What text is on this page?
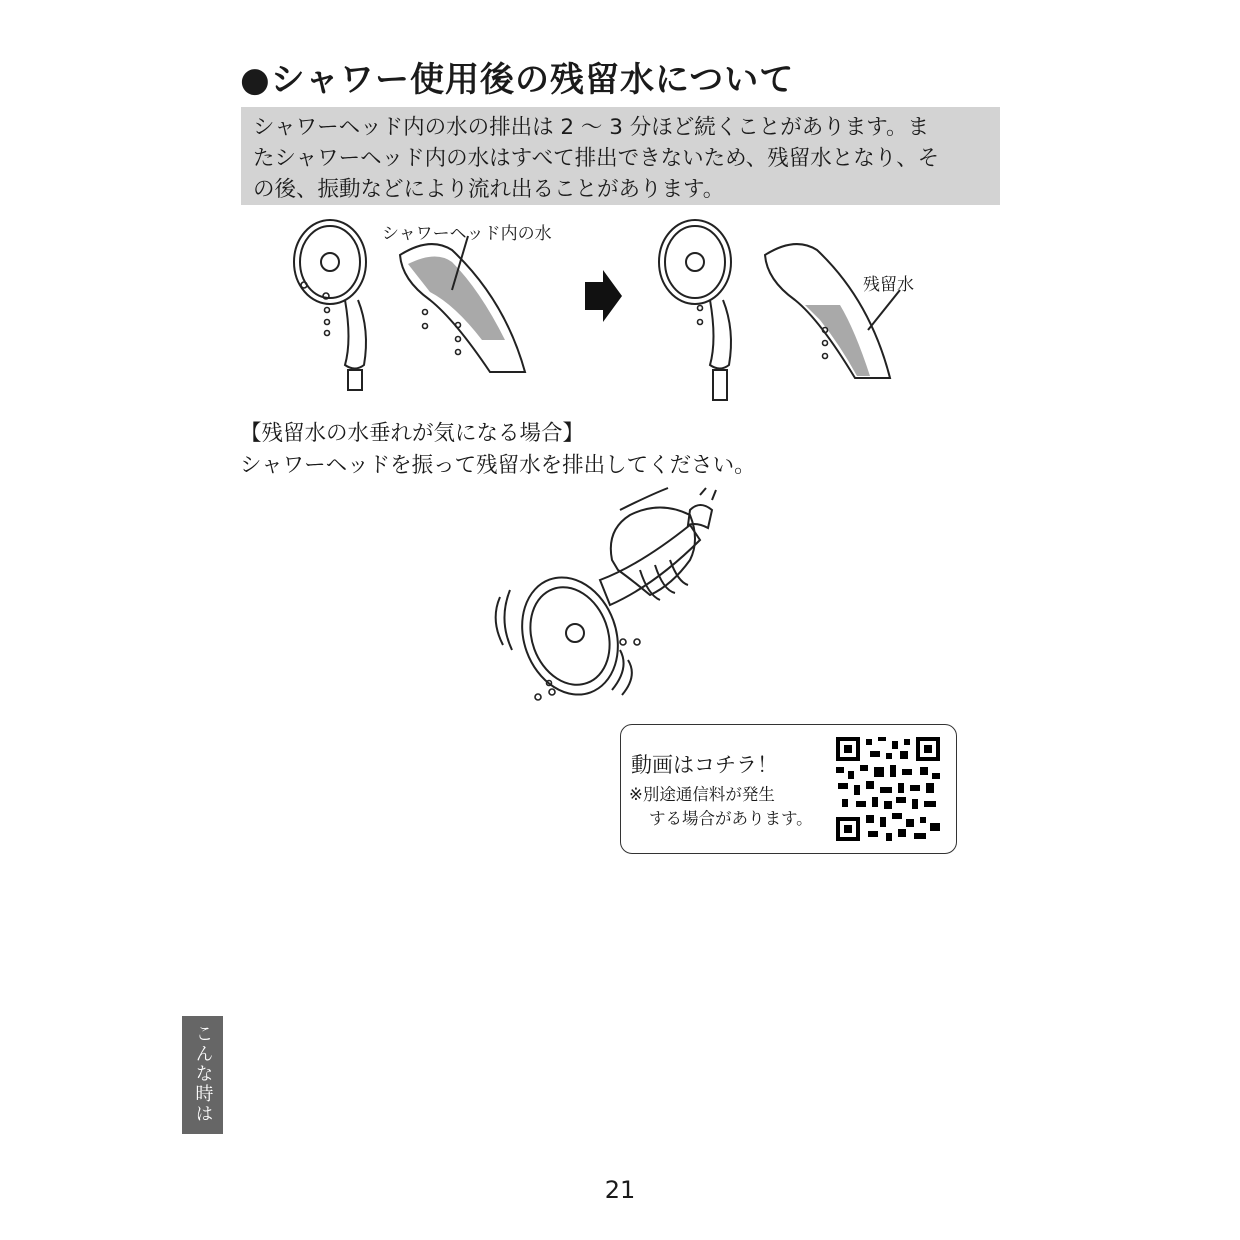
●シャワー使用後の残留水について

シャワーヘッド内の水の排出は 2 〜 3 分ほど続くことがあります。ま
たシャワーヘッド内の水はすべて排出できないため、残留水となり、そ
の後、振動などにより流れ出ることがあります。

シャワーヘッド内の水
残留水
【残留水の水垂れが気になる場合】
シャワーヘッドを振って残留水を排出してください。
動画はコチラ！
※別途通信料が発生
する場合があります。
こんな時は
21
